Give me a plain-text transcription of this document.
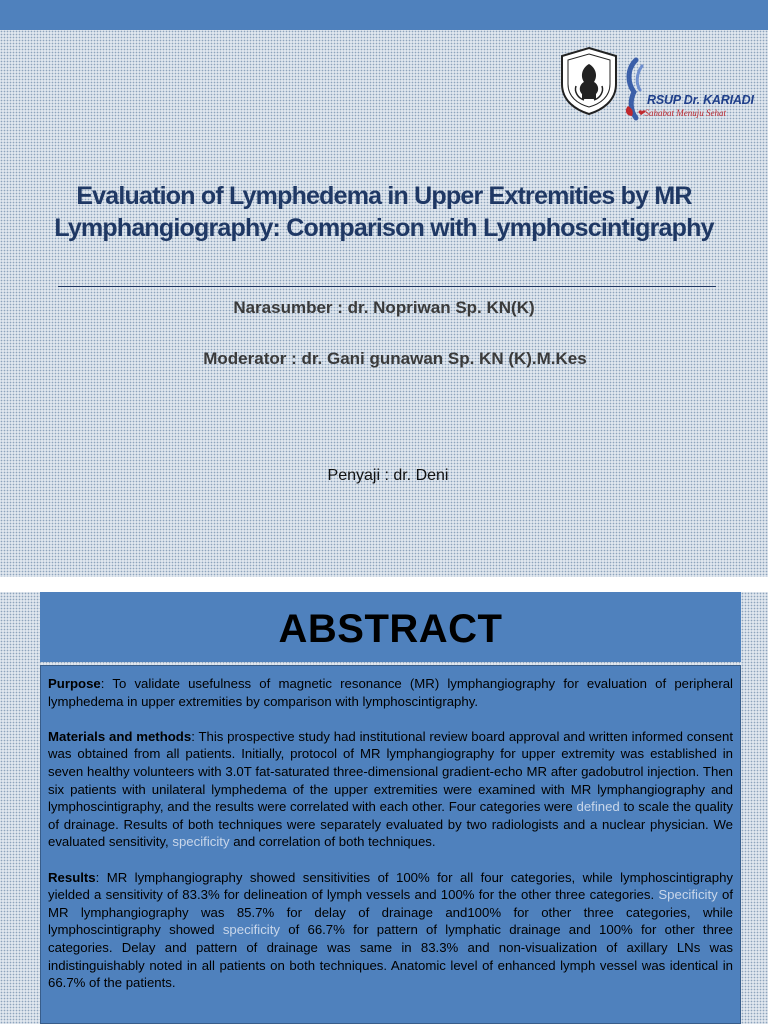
RSUP Dr. KARIADI
❤Sahabat Menuju Sehat
Evaluation of Lymphedema in Upper Extremities by MR Lymphangiography: Comparison with Lymphoscintigraphy
Narasumber : dr. Nopriwan Sp. KN(K)
Moderator : dr. Gani gunawan Sp. KN (K).M.Kes
Penyaji : dr. Deni
ABSTRACT

Purpose: To validate usefulness of magnetic resonance (MR) lymphangiography for evaluation of peripheral lymphedema in upper extremities by comparison with lymphoscintigraphy.

Materials and methods: This prospective study had institutional review board approval and written informed consent was obtained from all patients. Initially, protocol of MR lymphangiography for upper extremity was established in seven healthy volunteers with 3.0T fat-saturated three-dimensional gradient-echo MR after gadobutrol injection. Then six patients with unilateral lymphedema of the upper extremities were examined with MR lymphangiography and lymphoscintigraphy, and the results were correlated with each other. Four categories were defined to scale the quality of drainage. Results of both techniques were separately evaluated by two radiologists and a nuclear physician. We evaluated sensitivity, specificity and correlation of both techniques.

Results: MR lymphangiography showed sensitivities of 100% for all four categories, while lymphoscintigraphy yielded a sensitivity of 83.3% for delineation of lymph vessels and 100% for the other three categories. Specificity of MR lymphangiography was 85.7% for delay of drainage and100% for other three categories, while lymphoscintigraphy showed specificity of 66.7% for pattern of lymphatic drainage and 100% for other three categories. Delay and pattern of drainage was same in 83.3% and non-visualization of axillary LNs was indistinguishably noted in all patients on both techniques. Anatomic level of enhanced lymph vessel was identical in 66.7% of the patients.
